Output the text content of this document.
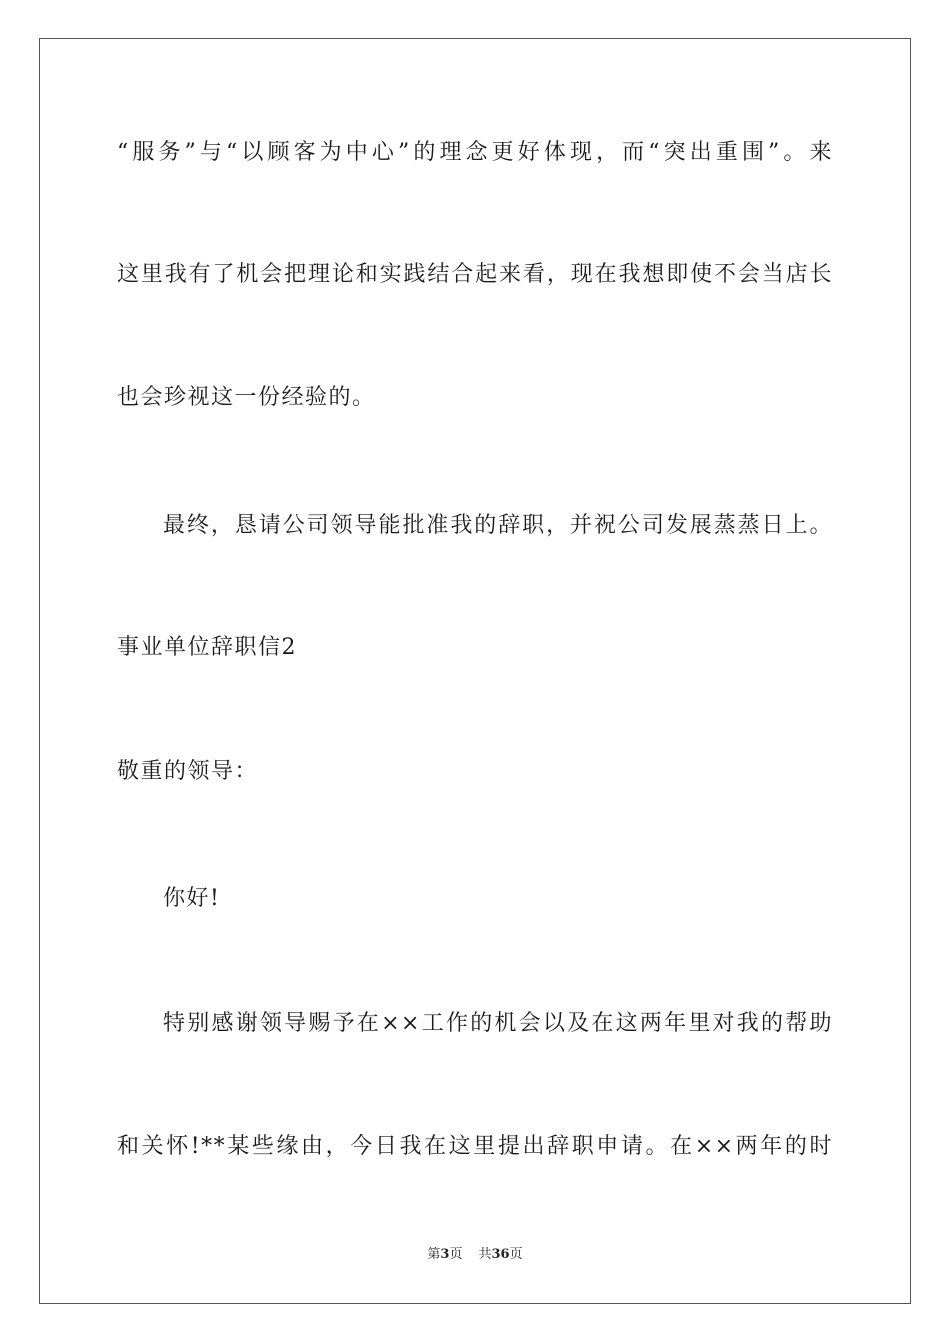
“服务”与“以顾客为中心”的理念更好体现，而“突出重围”。来
这里我有了机会把理论和实践结合起来看，现在我想即使不会当店长
也会珍视这一份经验的。
最终，恳请公司领导能批准我的辞职，并祝公司发展蒸蒸日上。
事业单位辞职信2
敬重的领导：
你好!
特别感谢领导赐予在××工作的机会以及在这两年里对我的帮助
和关怀!**某些缘由，今日我在这里提出辞职申请。在××两年的时
第3页 共36页
